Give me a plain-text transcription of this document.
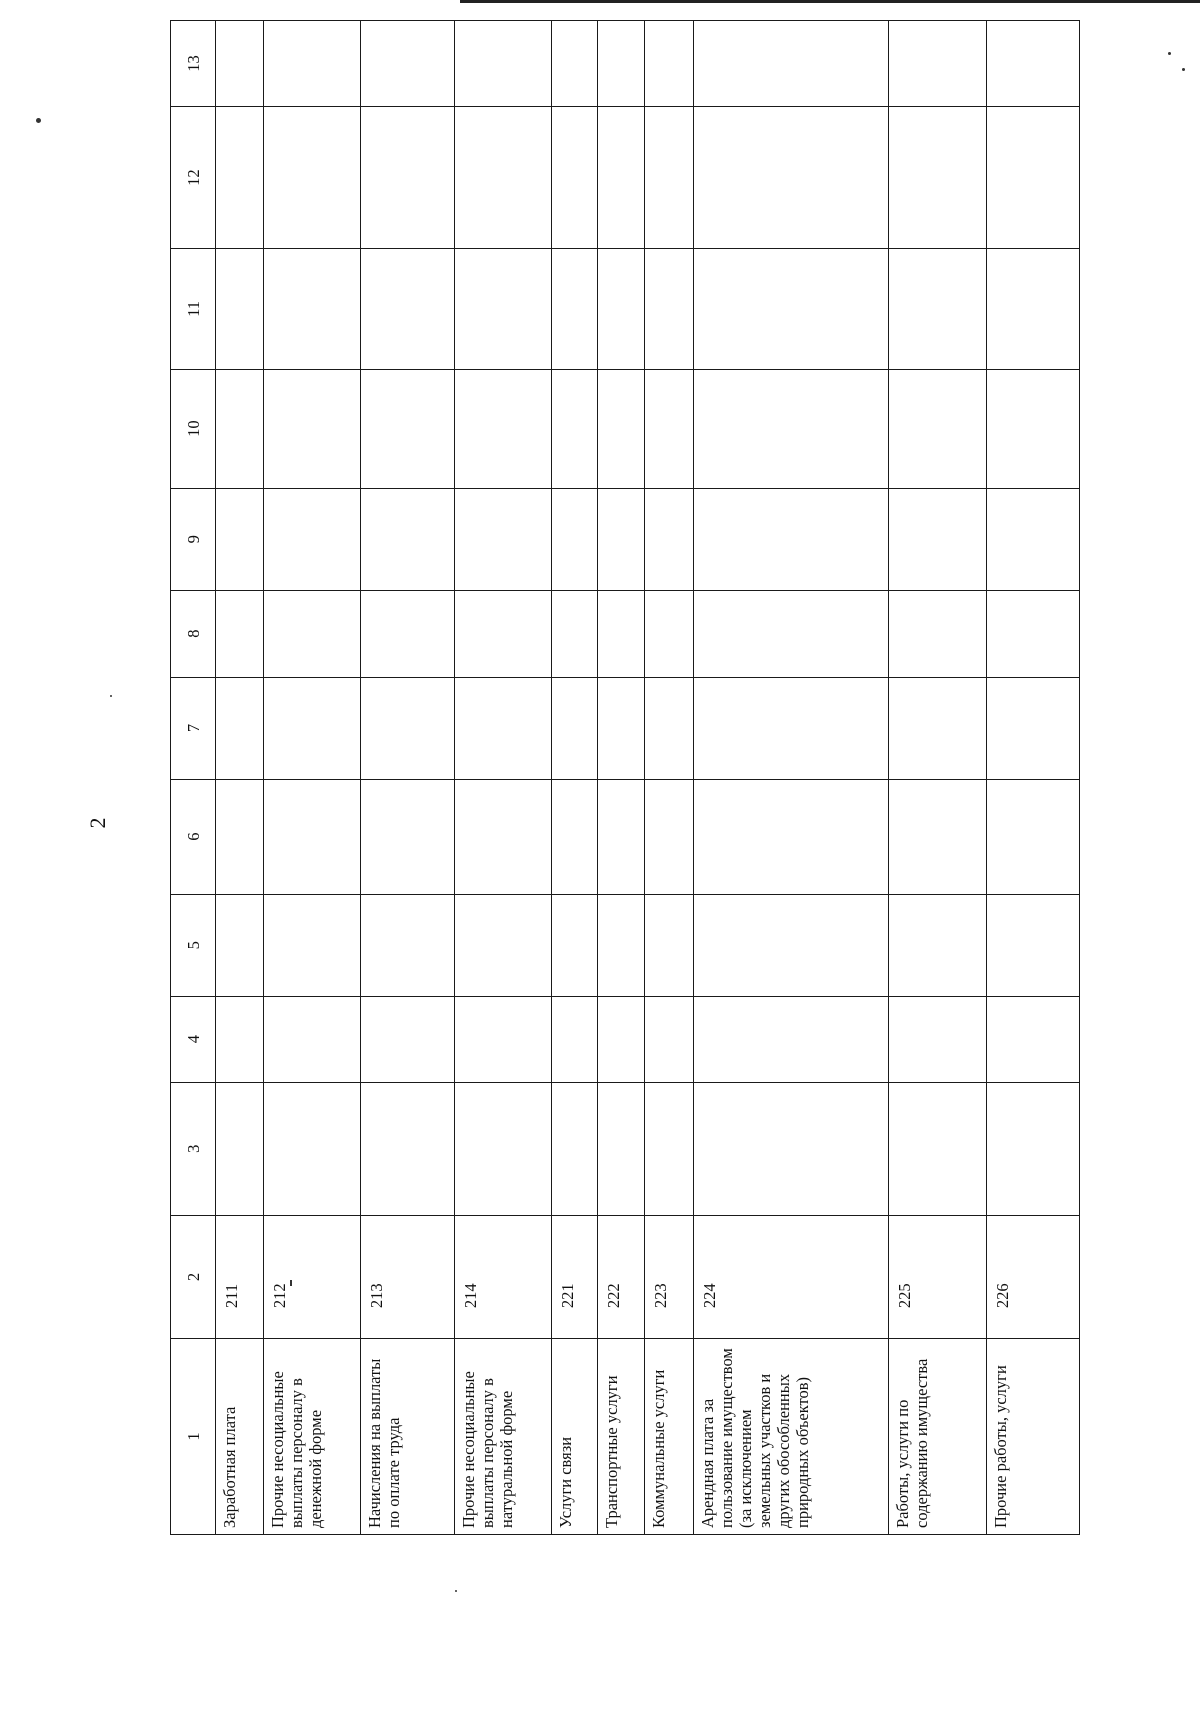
2
1	2	3	4	5	6	7	8	9	10	11	12	13
Заработная плата	211											
Прочие несоциальные выплаты персоналу в денежной форме	212											
Начисления на выплаты по оплате труда	213											
Прочие несоциальные выплаты персоналу в натуральной форме	214											
Услуги связи	221											
Транспортные услуги	222											
Коммунальные услуги	223											
Арендная плата за пользование имуществом (за исключением земельных участков и других обособленных природных объектов)	224											
Работы, услуги по содержанию имущества	225											
Прочие работы, услуги	226											
